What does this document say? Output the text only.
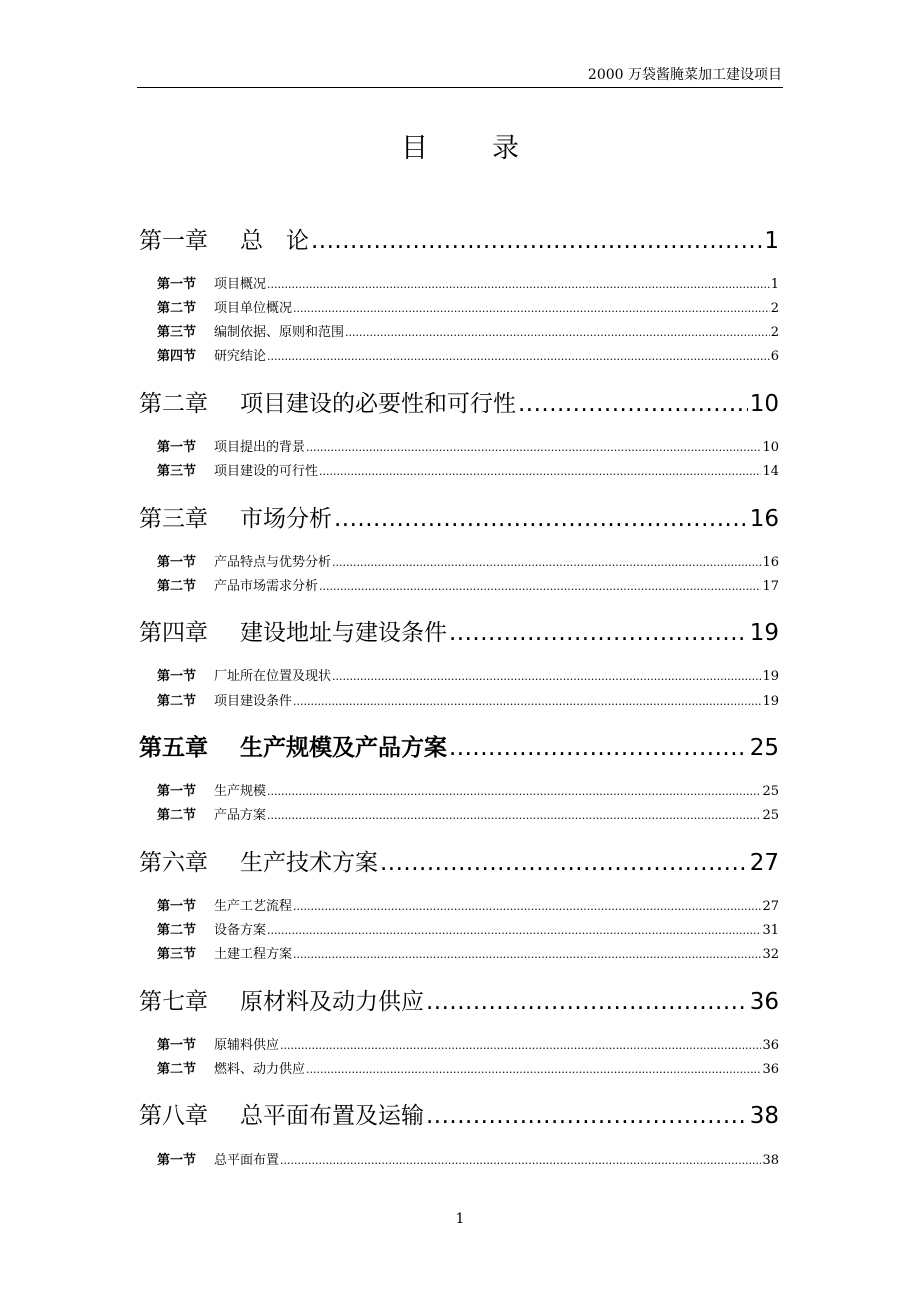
2000 万袋酱腌菜加工建设项目
目录
第一章	总　论 .....	1
第一节	项目概况 .....	1
第二节	项目单位概况 .....	2
第三节	编制依据、原则和范围 .....	2
第四节	研究结论 .....	6
第二章	项目建设的必要性和可行性 .....	10
第一节	项目提出的背景 .....	10
第三节	项目建设的可行性 .....	14
第三章	市场分析 .....	16
第一节	产品特点与优势分析 .....	16
第二节	产品市场需求分析 .....	17
第四章	建设地址与建设条件 .....	19
第一节	厂址所在位置及现状 .....	19
第二节	项目建设条件 .....	19
第五章	生产规模及产品方案 .....	25
第一节	生产规模 .....	25
第二节	产品方案 .....	25
第六章	生产技术方案 .....	27
第一节	生产工艺流程 .....	27
第二节	设备方案 .....	31
第三节	土建工程方案 .....	32
第七章	原材料及动力供应 .....	36
第一节	原辅料供应 .....	36
第二节	燃料、动力供应 .....	36
第八章	总平面布置及运输 .....	38
第一节	总平面布置 .....	38
1
